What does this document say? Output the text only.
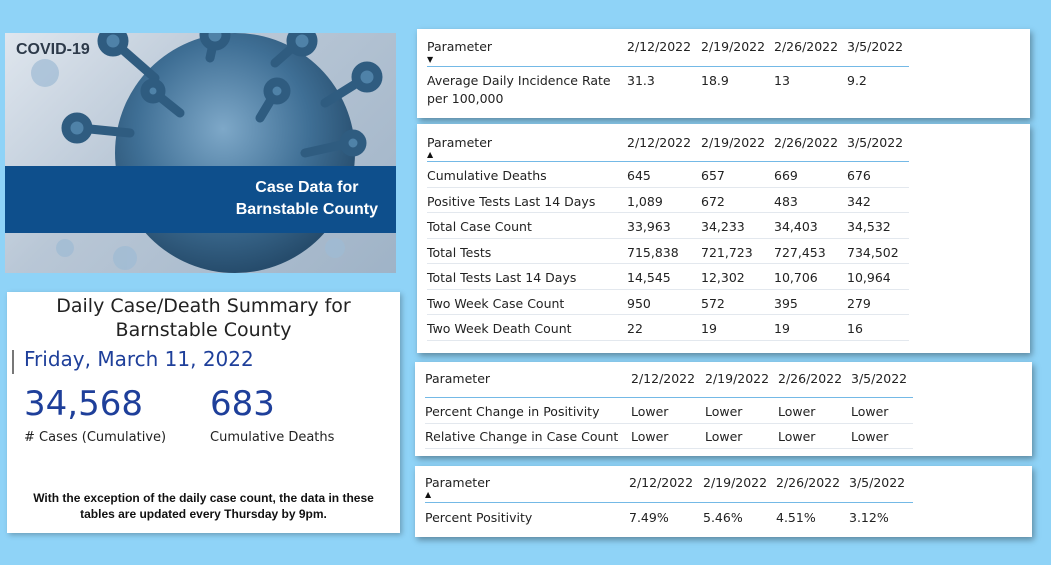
COVID-19
Case Data for
Barnstable County
Daily Case/Death Summary for
Barnstable County
Friday, March 11, 2022
34,568
# Cases (Cumulative)
683
Cumulative Deaths
With the exception of the daily case count, the data in these
tables are updated every Thursday by 9pm.
Parameter	2/12/2022 2/19/2022 2/26/2022 3/5/2022
▼
Average Daily Incidence Rate 31.3	18.9	13	9.2
per 100,000
Parameter	2/12/2022 2/19/2022 2/26/2022 3/5/2022
▲
Cumulative Deaths	645	657	669	676
Positive Tests Last 14 Days	1,089	672	483	342
Total Case Count	33,963 34,233 34,403 34,532
Total Tests	715,838 721,723 727,453 734,502
Total Tests Last 14 Days	14,545 12,302 10,706 10,964
Two Week Case Count	950	572	395	279
Two Week Death Count	22	19	19	16
Parameter	2/12/2022 2/19/2022 2/26/2022 3/5/2022
Percent Change in Positivity	Lower	Lower	Lower	Lower
Relative Change in Case Count Lower	Lower	Lower	Lower
Parameter	2/12/2022 2/19/2022 2/26/2022 3/5/2022
▲
Percent Positivity	7.49%	5.46%	4.51%	3.12%
